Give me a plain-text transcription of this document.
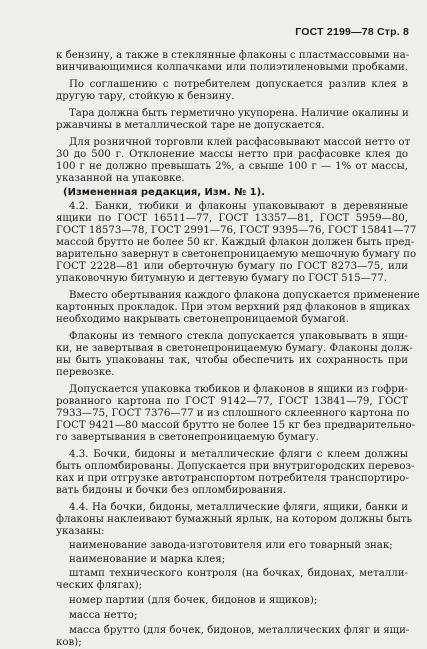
ГОСТ 2199—78 Стр. 8
к бензину, а также в стеклянные флаконы с пластмассовыми на-
винчивающимися колпачками или полиэтиленовыми пробками.
По соглашению с потребителем допускается разлив клея в
другую тару, стойкую к бензину.
Тара должна быть герметично укупорена. Наличие окалины и
ржавчины в металлической таре не допускается.
Для розничной торговли клей расфасовывают массой нетто от
30 до 500 г. Отклонение массы нетто при расфасовке клея до
100 г не должно превышать 2%, а свыше 100 г — 1% от массы,
указанной на упаковке.
(Измененная редакция, Изм. № 1).
4.2. Банки, тюбики и флаконы упаковывают в деревянные
ящики по ГОСТ 16511—77, ГОСТ 13357—81, ГОСТ 5959—80,
ГОСТ 18573—78, ГОСТ 2991—76, ГОСТ 9395—76, ГОСТ 15841—77
массой брутто не более 50 кг. Каждый флакон должен быть пред-
варительно завернут в светонепроницаемую мешочную бумагу по
ГОСТ 2228—81 или оберточную бумагу по ГОСТ 8273—75, или
упаковочную битумную и дегтевую бумагу по ГОСТ 515—77.
Вместо обертывания каждого флакона допускается применение
картонных прокладок. При этом верхний ряд флаконов в ящиках
необходимо накрывать светонепроницаемой бумагой.
Флаконы из темного стекла допускается упаковывать в ящи-
ки, не завертывая в светонепроницаемую бумагу. Флаконы долж-
ны быть упакованы так, чтобы обеспечить их сохранность при
перевозке.
Допускается упаковка тюбиков и флаконов в ящики из гофри-
рованного картона по ГОСТ 9142—77, ГОСТ 13841—79, ГОСТ
7933—75, ГОСТ 7376—77 и из сплошного склеенного картона по
ГОСТ 9421—80 массой брутто не более 15 кг без предварительно-
го завертывания в светонепроницаемую бумагу.
4.3. Бочки, бидоны и металлические фляги с клеем должны
быть опломбированы. Допускается при внутригородских перевоз-
ках и при отгрузке автотранспортом потребителя транспортиро-
вать бидоны и бочки без опломбирования.
4.4. На бочки, бидоны, металлические фляги, ящики, банки и
флаконы наклеивают бумажный ярлык, на котором должны быть
указаны:
наименование завода-изготовителя или его товарный знак;
наименование и марка клея;
штамп технического контроля (на бочках, бидонах, металли-
ческих флягах);
номер партии (для бочек, бидонов и ящиков);
масса нетто;
масса брутто (для бочек, бидонов, металлических фляг и ящи-
ков);
